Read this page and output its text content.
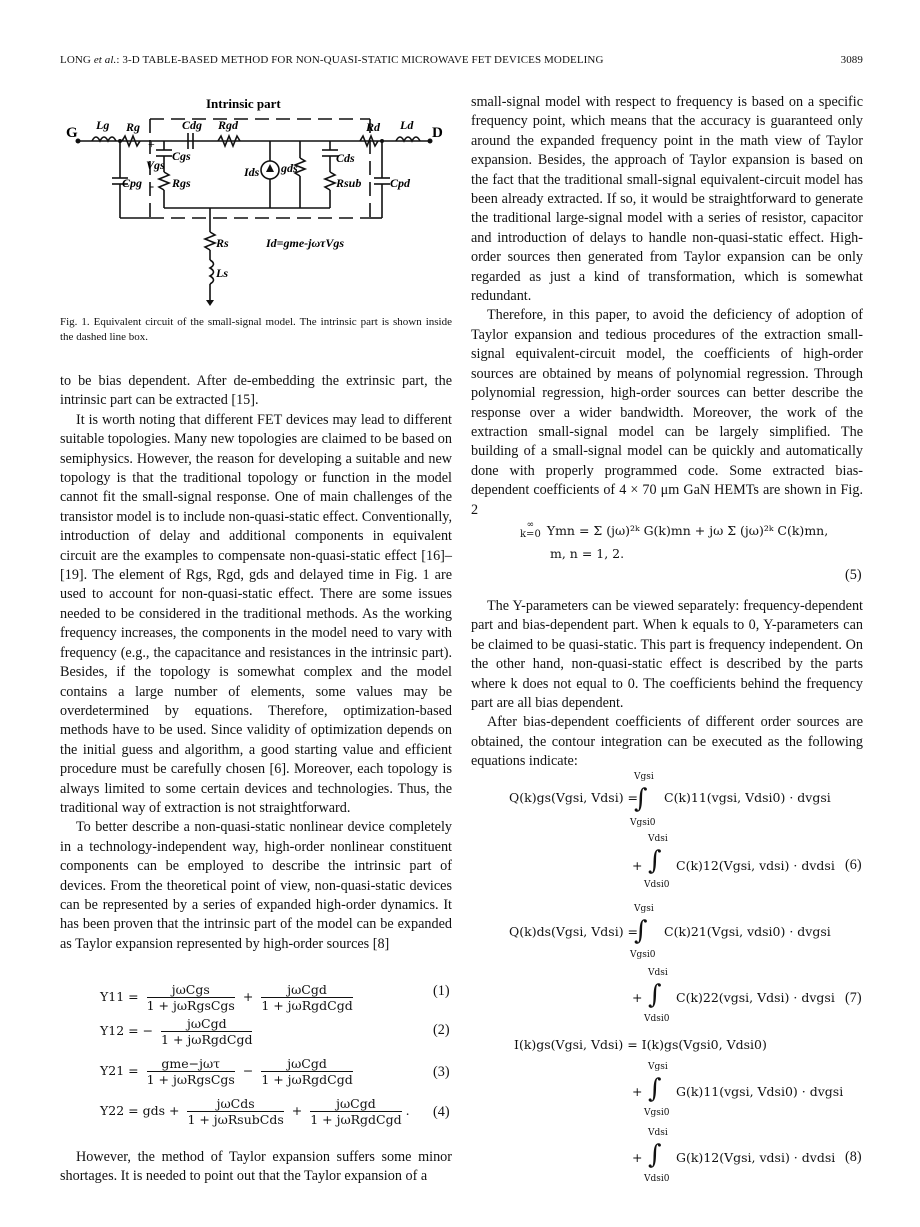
LONG et al.: 3-D TABLE-BASED METHOD FOR NON-QUASI-STATIC MICROWAVE FET DEVICES MODELING	3089
Intrinsic part
G	D
Lg Rg	Cdg Rgd	Rd Ld
Cgs
Vgs
Rgs
Cpg
Ids gds
Cds
Rsub Cpd
Rs
Ls
Id=gme-jωτVgs
+
-
Fig. 1. Equivalent circuit of the small-signal model. The intrinsic part is shown inside the dashed line box.

to be bias dependent. After de-embedding the extrinsic part, the intrinsic part can be extracted [15].

It is worth noting that different FET devices may lead to different suitable topologies. Many new topologies are claimed to be based on semiphysics. However, the reason for developing a suitable and new topology is that the traditional topology or function in the model cannot fit the small-signal response. One of main challenges of the transistor model is to include non-quasi-static effect. Conventionally, introduction of delay and additional components in equivalent circuit are the examples to compensate non-quasi-static effect [16]–[19]. The element of Rgs, Rgd, gds and delayed time in Fig. 1 are used to account for non-quasi-static effect. There are some issues needed to be considered in the traditional methods. As the working frequency increases, the components in the model need to vary with frequency (e.g., the capacitance and resistances in the intrinsic part). Besides, if the topology is somewhat complex and the model contains a large number of elements, some values may be overdetermined by equations. Therefore, optimization-based methods have to be used. Since validity of optimization depends on the initial guess and algorithm, a good starting value and efficient procedure must be carefully chosen [6]. Moreover, each topology is always limited to some certain devices and technologies. Thus, the traditional way of extraction is not straightforward.

To better describe a non-quasi-static nonlinear device completely in a technology-independent way, high-order nonlinear constituent components can be employed to describe the intrinsic part of devices. From the theoretical point of view, non-quasi-static devices can be represented by a series of expanded high-order dynamics. It has been proven that the intrinsic part of the model can be expanded as Taylor expansion represented by high-order sources [8]

Y11 =	jωCgs
1 + jωRgsCgs
+	jωCgd
1 + jωRgdCgd
(1)
Y12 = −	jωCgd
1 + jωRgdCgd
(2)
Y21 =	gme−jωτ
1 + jωRgsCgs
−	jωCgd
1 + jωRgdCgd	(3)
Y22 = gds +	jωCds
1 + jωRsubCds
+	jωCgd
1 + jωRgdCgd
. (4)

However, the method of Taylor expansion suffers some minor shortages. It is needed to point out that the Taylor expansion of a

small-signal model with respect to frequency is based on a specific frequency point, which means that the accuracy is guaranteed only around the expanded frequency point in the math view of Taylor expansion. Besides, the approach of Taylor expansion is based on the fact that the traditional small-signal equivalent-circuit model has been already extracted. If so, it would be straightforward to generate the traditional large-signal model with a series of resistor, capacitor and introduction of delays to handle non-quasi-static effect. High-order sources then generated from Taylor expansion can be only regarded as just a kind of transformation, which is somewhat redundant.

Therefore, in this paper, to avoid the deficiency of adoption of Taylor expansion and tedious procedures of the extraction small-signal equivalent-circuit model, the coefficients of high-order sources are obtained by means of polynomial regression. Through polynomial regression, high-order sources can better describe the response over a wider bandwidth. Moreover, the work of the extraction small-signal model can be largely simplified. The building of a small-signal model can be quickly and automatically done with properly programmed code. Some extracted bias-dependent coefficients of 4 × 70 μm GaN HEMTs are shown in Fig. 2

∞
k=0 Ymn = Σ (jω)²ᵏ G(k)mn + jω Σ (jω)²ᵏ C(k)mn,
m, n = 1, 2.
(5)

The Y-parameters can be viewed separately: frequency-dependent part and bias-dependent part. When k equals to 0, Y-parameters can be claimed to be quasi-static. This part is frequency independent. On the other hand, non-quasi-static effect is described by the parts where k does not equal to 0. The coefficients behind the frequency part are all bias dependent.

After bias-dependent coefficients of different order sources are obtained, the contour integration can be executed as the following equations indicate:

Q(k)gs(Vgsi, Vdsi) =
Vgsi
∫
Vgsi0
C(k)11(vgsi, Vdsi0) · dvgsi
+
Vdsi
∫
Vdsi0
C(k)12(Vgsi, vdsi) · dvdsi (6)
Q(k)ds(Vgsi, Vdsi) =
Vgsi
∫
Vgsi0
C(k)21(Vgsi, vdsi0) · dvgsi
+
Vdsi
∫
Vdsi0
C(k)22(vgsi, Vdsi) · dvgsi (7)
I(k)gs(Vgsi, Vdsi) = I(k)gs(Vgsi0, Vdsi0)
+
Vgsi
∫
Vgsi0
G(k)11(vgsi, Vdsi0) · dvgsi
+
Vdsi
∫
Vdsi0
G(k)12(Vgsi, vdsi) · dvdsi (8)
